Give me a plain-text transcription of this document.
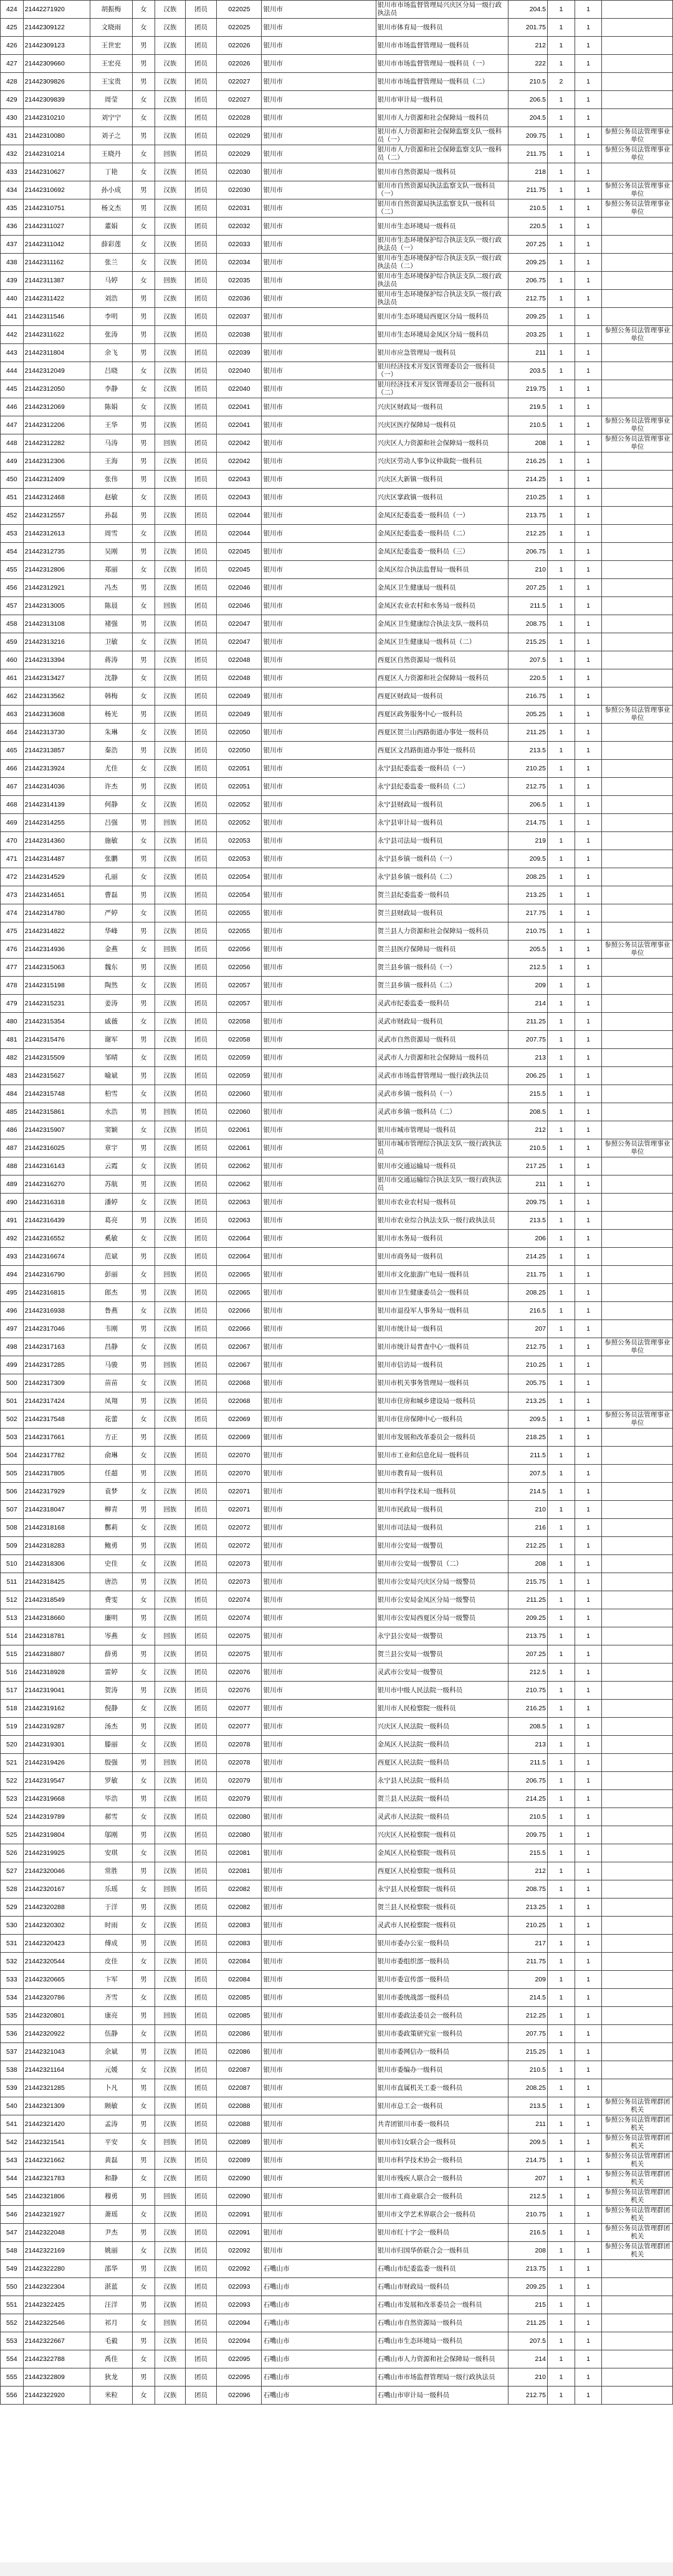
424	21442271920	胡振梅	女	汉族	团员	022025	银川市	银川市市场监督管理局兴庆区分局一级行政执法员	204.5	1	1	
425	21442309122	文晓雨	女	汉族	团员	022025	银川市	银川市体育局一级科员	201.75	1	1	
426	21442309123	王世宏	男	汉族	团员	022026	银川市	银川市市场监督管理局一级科员	212	1	1	
427	21442309660	王宏亮	男	汉族	团员	022026	银川市	银川市市场监督管理局一级科员（一）	222	1	1	
428	21442309826	王宝贵	男	汉族	团员	022027	银川市	银川市市场监督管理局一级科员（二）	210.5	2	1	
429	21442309839	周莹	女	汉族	团员	022027	银川市	银川市审计局一级科员	206.5	1	1	
430	21442310210	刘宁宁	女	汉族	团员	022028	银川市	银川市人力资源和社会保障局一级科员	204.5	1	1	
431	21442310080	刘子之	男	汉族	团员	022029	银川市	银川市人力资源和社会保障监察支队一级科员（一）	209.75	1	1	参照公务员法管理事业单位
432	21442310214	王晓丹	女	回族	团员	022029	银川市	银川市人力资源和社会保障监察支队一级科员（二）	211.75	1	1	参照公务员法管理事业单位
433	21442310627	丁艳	女	汉族	团员	022030	银川市	银川市自然资源局一级科员	218	1	1	
434	21442310692	孙小成	男	汉族	团员	022030	银川市	银川市自然资源局执法监察支队一级科员（一）	211.75	1	1	参照公务员法管理事业单位
435	21442310751	杨文杰	男	汉族	团员	022031	银川市	银川市自然资源局执法监察支队一级科员（二）	210.5	1	1	参照公务员法管理事业单位
436	21442311027	董娟	女	汉族	团员	022032	银川市	银川市生态环境局一级科员	220.5	1	1	
437	21442311042	薛彩莲	女	汉族	团员	022033	银川市	银川市生态环境保护综合执法支队一级行政执法员（一）	207.25	1	1	
438	21442311162	张兰	女	汉族	团员	022034	银川市	银川市生态环境保护综合执法支队一级行政执法员（二）	209.25	1	1	
439	21442311387	马婷	女	回族	团员	022035	银川市	银川市生态环境保护综合执法支队二级行政执法员	206.75	1	1	
440	21442311422	刘浩	男	汉族	团员	022036	银川市	银川市生态环境保护综合执法支队一级行政执法员	212.75	1	1	
441	21442311546	李明	男	汉族	团员	022037	银川市	银川市生态环境局西夏区分局一级科员	209.25	1	1	
442	21442311622	张涛	男	汉族	团员	022038	银川市	银川市生态环境局金凤区分局一级科员	203.25	1	1	参照公务员法管理事业单位
443	21442311804	余飞	男	汉族	团员	022039	银川市	银川市应急管理局一级科员	211	1	1	
444	21442312049	吕晓	女	汉族	团员	022040	银川市	银川经济技术开发区管理委员会一级科员（一）	203.5	1	1	
445	21442312050	李静	女	汉族	团员	022040	银川市	银川经济技术开发区管理委员会一级科员（二）	219.75	1	1	
446	21442312069	陈娟	女	汉族	团员	022041	银川市	兴庆区财政局一级科员	219.5	1	1	
447	21442312206	王华	男	汉族	团员	022041	银川市	兴庆区医疗保障局一级科员	210.5	1	1	参照公务员法管理事业单位
448	21442312282	马涛	男	回族	团员	022042	银川市	兴庆区人力资源和社会保障局一级科员	208	1	1	参照公务员法管理事业单位
449	21442312306	王海	男	汉族	团员	022042	银川市	兴庆区劳动人事争议仲裁院一级科员	216.25	1	1	
450	21442312409	张伟	男	汉族	团员	022043	银川市	兴庆区大新镇一级科员	214.25	1	1	
451	21442312468	赵敏	女	汉族	团员	022043	银川市	兴庆区掌政镇一级科员	210.25	1	1	
452	21442312557	孙磊	男	汉族	团员	022044	银川市	金凤区纪委监委一级科员（一）	213.75	1	1	
453	21442312613	周雪	女	汉族	团员	022044	银川市	金凤区纪委监委一级科员（二）	212.25	1	1	
454	21442312735	吴刚	男	汉族	团员	022045	银川市	金凤区纪委监委一级科员（三）	206.75	1	1	
455	21442312806	郑丽	女	汉族	团员	022045	银川市	金凤区综合执法监督局一级科员	210	1	1	
456	21442312921	冯杰	男	汉族	团员	022046	银川市	金凤区卫生健康局一级科员	207.25	1	1	
457	21442313005	陈晨	女	回族	团员	022046	银川市	金凤区农业农村和水务局一级科员	211.5	1	1	
458	21442313108	褚强	男	汉族	团员	022047	银川市	金凤区卫生健康综合执法支队一级科员	208.75	1	1	
459	21442313216	卫敏	女	汉族	团员	022047	银川市	金凤区卫生健康局一级科员（二）	215.25	1	1	
460	21442313394	蒋涛	男	汉族	团员	022048	银川市	西夏区自然资源局一级科员	207.5	1	1	
461	21442313427	沈静	女	汉族	团员	022048	银川市	西夏区人力资源和社会保障局一级科员	220.5	1	1	
462	21442313562	韩梅	女	汉族	团员	022049	银川市	西夏区财政局一级科员	216.75	1	1	
463	21442313608	杨光	男	汉族	团员	022049	银川市	西夏区政务服务中心一级科员	205.25	1	1	参照公务员法管理事业单位
464	21442313730	朱琳	女	汉族	团员	022050	银川市	西夏区贺兰山西路街道办事处一级科员	211.25	1	1	
465	21442313857	秦浩	男	汉族	团员	022050	银川市	西夏区文昌路街道办事处一级科员	213.5	1	1	
466	21442313924	尤佳	女	汉族	团员	022051	银川市	永宁县纪委监委一级科员（一）	210.25	1	1	
467	21442314036	许杰	男	汉族	团员	022051	银川市	永宁县纪委监委一级科员（二）	212.75	1	1	
468	21442314139	何静	女	汉族	团员	022052	银川市	永宁县财政局一级科员	206.5	1	1	
469	21442314255	吕强	男	回族	团员	022052	银川市	永宁县审计局一级科员	214.75	1	1	
470	21442314360	施敏	女	汉族	团员	022053	银川市	永宁县司法局一级科员	219	1	1	
471	21442314487	张鹏	男	汉族	团员	022053	银川市	永宁县乡镇一级科员（一）	209.5	1	1	
472	21442314529	孔丽	女	汉族	团员	022054	银川市	永宁县乡镇一级科员（二）	208.25	1	1	
473	21442314651	曹磊	男	汉族	团员	022054	银川市	贺兰县纪委监委一级科员	213.25	1	1	
474	21442314780	严婷	女	汉族	团员	022055	银川市	贺兰县财政局一级科员	217.75	1	1	
475	21442314822	华峰	男	汉族	团员	022055	银川市	贺兰县人力资源和社会保障局一级科员	210.75	1	1	
476	21442314936	金燕	女	回族	团员	022056	银川市	贺兰县医疗保障局一级科员	205.5	1	1	参照公务员法管理事业单位
477	21442315063	魏东	男	汉族	团员	022056	银川市	贺兰县乡镇一级科员（一）	212.5	1	1	
478	21442315198	陶然	女	汉族	团员	022057	银川市	贺兰县乡镇一级科员（二）	209	1	1	
479	21442315231	姜涛	男	汉族	团员	022057	银川市	灵武市纪委监委一级科员	214	1	1	
480	21442315354	戚薇	女	汉族	团员	022058	银川市	灵武市财政局一级科员	211.25	1	1	
481	21442315476	谢军	男	汉族	团员	022058	银川市	灵武市自然资源局一级科员	207.75	1	1	
482	21442315509	邹晴	女	汉族	团员	022059	银川市	灵武市人力资源和社会保障局一级科员	213	1	1	
483	21442315627	喻斌	男	汉族	团员	022059	银川市	灵武市市场监督管理局一级行政执法员	206.25	1	1	
484	21442315748	柏雪	女	汉族	团员	022060	银川市	灵武市乡镇一级科员（一）	215.5	1	1	
485	21442315861	水浩	男	回族	团员	022060	银川市	灵武市乡镇一级科员（二）	208.5	1	1	
486	21442315907	窦颖	女	汉族	团员	022061	银川市	银川市城市管理局一级科员	212	1	1	
487	21442316025	章宇	男	汉族	团员	022061	银川市	银川市城市管理综合执法支队一级行政执法员	210.5	1	1	参照公务员法管理事业单位
488	21442316143	云霞	女	汉族	团员	022062	银川市	银川市交通运输局一级科员	217.25	1	1	
489	21442316270	苏航	男	汉族	团员	022062	银川市	银川市交通运输综合执法支队一级行政执法员	211	1	1	
490	21442316318	潘婷	女	汉族	团员	022063	银川市	银川市农业农村局一级科员	209.75	1	1	
491	21442316439	葛亮	男	汉族	团员	022063	银川市	银川市农业综合执法支队一级行政执法员	213.5	1	1	
492	21442316552	奚敏	女	汉族	团员	022064	银川市	银川市水务局一级科员	206	1	1	
493	21442316674	范斌	男	汉族	团员	022064	银川市	银川市商务局一级科员	214.25	1	1	
494	21442316790	彭丽	女	回族	团员	022065	银川市	银川市文化旅游广电局一级科员	211.75	1	1	
495	21442316815	郎杰	男	汉族	团员	022065	银川市	银川市卫生健康委员会一级科员	208.25	1	1	
496	21442316938	鲁燕	女	汉族	团员	022066	银川市	银川市退役军人事务局一级科员	216.5	1	1	
497	21442317046	韦刚	男	汉族	团员	022066	银川市	银川市统计局一级科员	207	1	1	
498	21442317163	昌静	女	汉族	团员	022067	银川市	银川市统计局普查中心一级科员	212.75	1	1	参照公务员法管理事业单位
499	21442317285	马骏	男	回族	团员	022067	银川市	银川市信访局一级科员	210.25	1	1	
500	21442317309	苗苗	女	汉族	团员	022068	银川市	银川市机关事务管理局一级科员	205.75	1	1	
501	21442317424	凤翔	男	汉族	团员	022068	银川市	银川市住房和城乡建设局一级科员	213.25	1	1	
502	21442317548	花蕾	女	汉族	团员	022069	银川市	银川市住房保障中心一级科员	209.5	1	1	参照公务员法管理事业单位
503	21442317661	方正	男	汉族	团员	022069	银川市	银川市发展和改革委员会一级科员	218.25	1	1	
504	21442317782	俞琳	女	汉族	团员	022070	银川市	银川市工业和信息化局一级科员	211.5	1	1	
505	21442317805	任超	男	汉族	团员	022070	银川市	银川市教育局一级科员	207.5	1	1	
506	21442317929	袁梦	女	汉族	团员	022071	银川市	银川市科学技术局一级科员	214.5	1	1	
507	21442318047	柳青	男	回族	团员	022071	银川市	银川市民政局一级科员	210	1	1	
508	21442318168	酆莉	女	汉族	团员	022072	银川市	银川市司法局一级科员	216	1	1	
509	21442318283	鲍勇	男	汉族	团员	022072	银川市	银川市公安局一级警员	212.25	1	1	
510	21442318306	史佳	女	汉族	团员	022073	银川市	银川市公安局一级警员（二）	208	1	1	
511	21442318425	唐浩	男	汉族	团员	022073	银川市	银川市公安局兴庆区分局一级警员	215.75	1	1	
512	21442318549	费雯	女	汉族	团员	022074	银川市	银川市公安局金凤区分局一级警员	211.25	1	1	
513	21442318660	廉明	男	汉族	团员	022074	银川市	银川市公安局西夏区分局一级警员	209.25	1	1	
514	21442318781	岑燕	女	回族	团员	022075	银川市	永宁县公安局一级警员	213.75	1	1	
515	21442318807	薛勇	男	汉族	团员	022075	银川市	贺兰县公安局一级警员	207.25	1	1	
516	21442318928	雷婷	女	汉族	团员	022076	银川市	灵武市公安局一级警员	212.5	1	1	
517	21442319041	贺涛	男	汉族	团员	022076	银川市	银川市中级人民法院一级科员	210.75	1	1	
518	21442319162	倪静	女	汉族	团员	022077	银川市	银川市人民检察院一级科员	216.25	1	1	
519	21442319287	汤杰	男	汉族	团员	022077	银川市	兴庆区人民法院一级科员	208.5	1	1	
520	21442319301	滕丽	女	汉族	团员	022078	银川市	金凤区人民法院一级科员	213	1	1	
521	21442319426	殷强	男	回族	团员	022078	银川市	西夏区人民法院一级科员	211.5	1	1	
522	21442319547	罗敏	女	汉族	团员	022079	银川市	永宁县人民法院一级科员	206.75	1	1	
523	21442319668	毕浩	男	汉族	团员	022079	银川市	贺兰县人民法院一级科员	214.25	1	1	
524	21442319789	郝雪	女	汉族	团员	022080	银川市	灵武市人民法院一级科员	210.5	1	1	
525	21442319804	邬刚	男	汉族	团员	022080	银川市	兴庆区人民检察院一级科员	209.75	1	1	
526	21442319925	安琪	女	汉族	团员	022081	银川市	金凤区人民检察院一级科员	215.5	1	1	
527	21442320046	常胜	男	汉族	团员	022081	银川市	西夏区人民检察院一级科员	212	1	1	
528	21442320167	乐瑶	女	回族	团员	022082	银川市	永宁县人民检察院一级科员	208.75	1	1	
529	21442320288	于洋	男	汉族	团员	022082	银川市	贺兰县人民检察院一级科员	213.25	1	1	
530	21442320302	时雨	女	汉族	团员	022083	银川市	灵武市人民检察院一级科员	210.25	1	1	
531	21442320423	傅成	男	汉族	团员	022083	银川市	银川市委办公室一级科员	217	1	1	
532	21442320544	皮佳	女	汉族	团员	022084	银川市	银川市委组织部一级科员	211.75	1	1	
533	21442320665	卞军	男	汉族	团员	022084	银川市	银川市委宣传部一级科员	209	1	1	
534	21442320786	齐雪	女	汉族	团员	022085	银川市	银川市委统战部一级科员	214.5	1	1	
535	21442320801	康亮	男	回族	团员	022085	银川市	银川市委政法委员会一级科员	212.25	1	1	
536	21442320922	伍静	女	汉族	团员	022086	银川市	银川市委政策研究室一级科员	207.75	1	1	
537	21442321043	余斌	男	汉族	团员	022086	银川市	银川市委网信办一级科员	215.25	1	1	
538	21442321164	元媛	女	汉族	团员	022087	银川市	银川市委编办一级科员	210.5	1	1	
539	21442321285	卜凡	男	汉族	团员	022087	银川市	银川市直属机关工委一级科员	208.25	1	1	
540	21442321309	顾敏	女	汉族	团员	022088	银川市	银川市总工会一级科员	213.5	1	1	参照公务员法管理群团机关
541	21442321420	孟涛	男	汉族	团员	022088	银川市	共青团银川市委一级科员	211	1	1	参照公务员法管理群团机关
542	21442321541	平安	女	回族	团员	022089	银川市	银川市妇女联合会一级科员	209.5	1	1	参照公务员法管理群团机关
543	21442321662	黄磊	男	汉族	团员	022089	银川市	银川市科学技术协会一级科员	214.75	1	1	参照公务员法管理群团机关
544	21442321783	和静	女	汉族	团员	022090	银川市	银川市残疾人联合会一级科员	207	1	1	参照公务员法管理群团机关
545	21442321806	穆勇	男	回族	团员	022090	银川市	银川市工商业联合会一级科员	212.5	1	1	参照公务员法管理群团机关
546	21442321927	萧瑶	女	汉族	团员	022091	银川市	银川市文学艺术界联合会一级科员	210.75	1	1	参照公务员法管理群团机关
547	21442322048	尹杰	男	汉族	团员	022091	银川市	银川市红十字会一级科员	216.5	1	1	参照公务员法管理群团机关
548	21442322169	姚丽	女	汉族	团员	022092	银川市	银川市归国华侨联合会一级科员	208	1	1	参照公务员法管理群团机关
549	21442322280	邵华	男	汉族	团员	022092	石嘴山市	石嘴山市纪委监委一级科员	213.75	1	1	
550	21442322304	湛蓝	女	汉族	团员	022093	石嘴山市	石嘴山市财政局一级科员	209.25	1	1	
551	21442322425	汪洋	男	汉族	团员	022093	石嘴山市	石嘴山市发展和改革委员会一级科员	215	1	1	
552	21442322546	祁月	女	回族	团员	022094	石嘴山市	石嘴山市自然资源局一级科员	211.25	1	1	
553	21442322667	毛毅	男	汉族	团员	022094	石嘴山市	石嘴山市生态环境局一级科员	207.5	1	1	
554	21442322788	禹佳	女	汉族	团员	022095	石嘴山市	石嘴山市人力资源和社会保障局一级科员	214	1	1	
555	21442322809	狄龙	男	汉族	团员	022095	石嘴山市	石嘴山市市场监督管理局一级行政执法员	210	1	1	
556	21442322920	米粒	女	汉族	团员	022096	石嘴山市	石嘴山市审计局一级科员	212.75	1	1	
